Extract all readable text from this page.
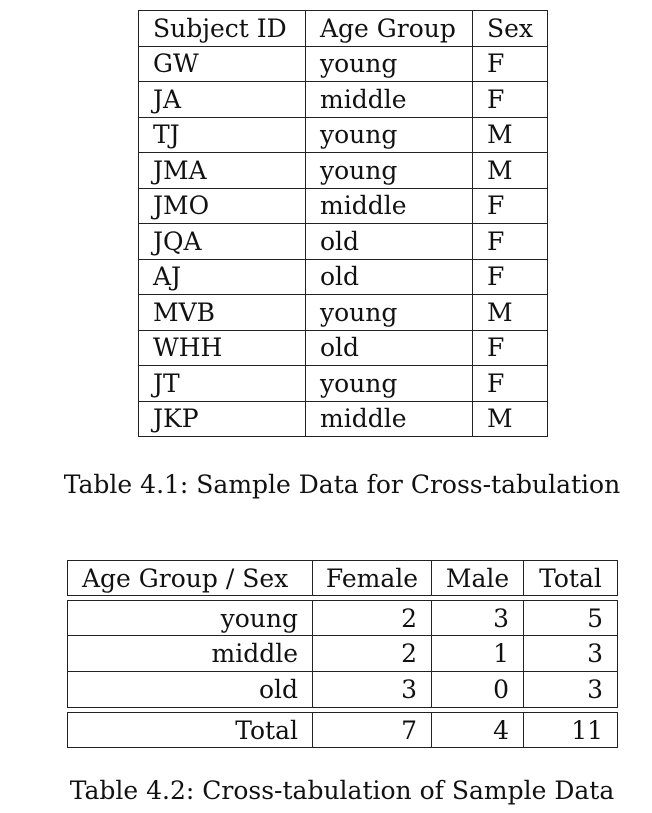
Subject ID	Age Group	Sex
GW	young	F
JA	middle	F
TJ	young	M
JMA	young	M
JMO	middle	F
JQA	old	F
AJ	old	F
MVB	young	M
WHH	old	F
JT	young	F
JKP	middle	M
Table 4.1: Sample Data for Cross-tabulation
Age Group / Sex	Female	Male	Total
young	2	3	5
middle	2	1	3
old	3	0	3
Total	7	4	11
Table 4.2: Cross-tabulation of Sample Data
